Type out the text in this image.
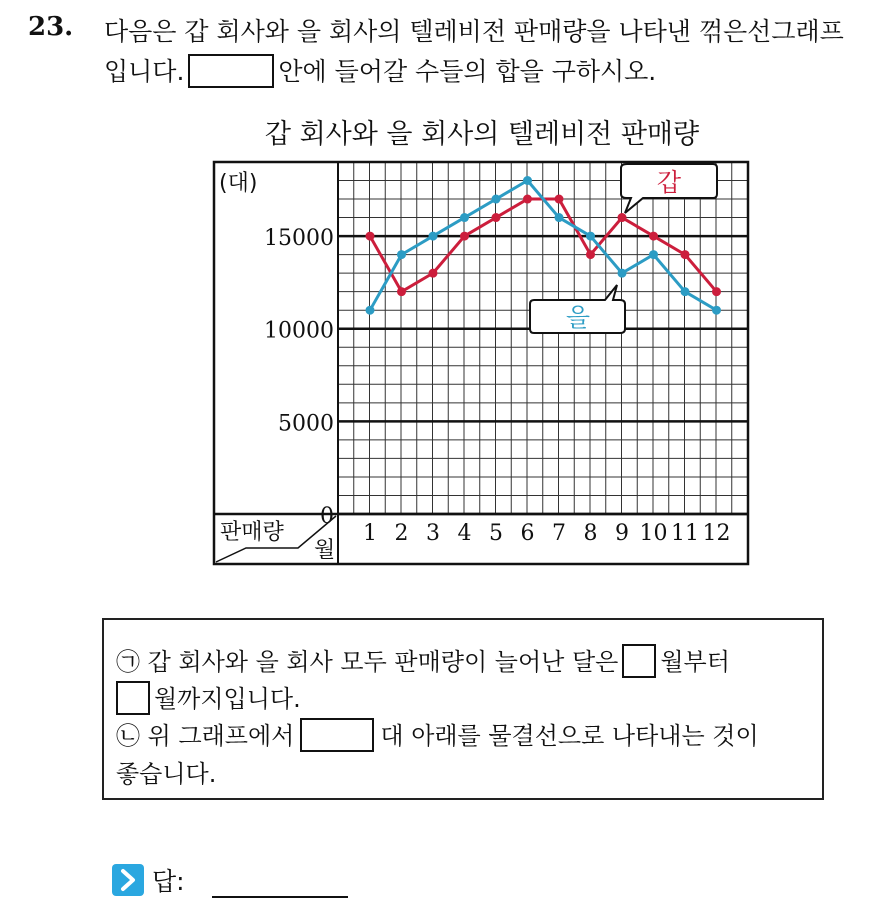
23. 다음은 갑 회사와 을 회사의 텔레비전 판매량을 나타낸 꺾은선그래프
입니다.	안에 들어갈 수들의 합을 구하시오.
갑 회사와 을 회사의 텔레비전 판매량
(대)
0
5000
10000
15000
판매량
월
1 2 3 4 5 6 7 8 9 10 11 12
갑
을
㉠ 갑 회사와 을 회사 모두 판매량이 늘어난 달은 월부터
월까지입니다.
㉡ 위 그래프에서	대 아래를 물결선으로 나타내는 것이
좋습니다.
답:
